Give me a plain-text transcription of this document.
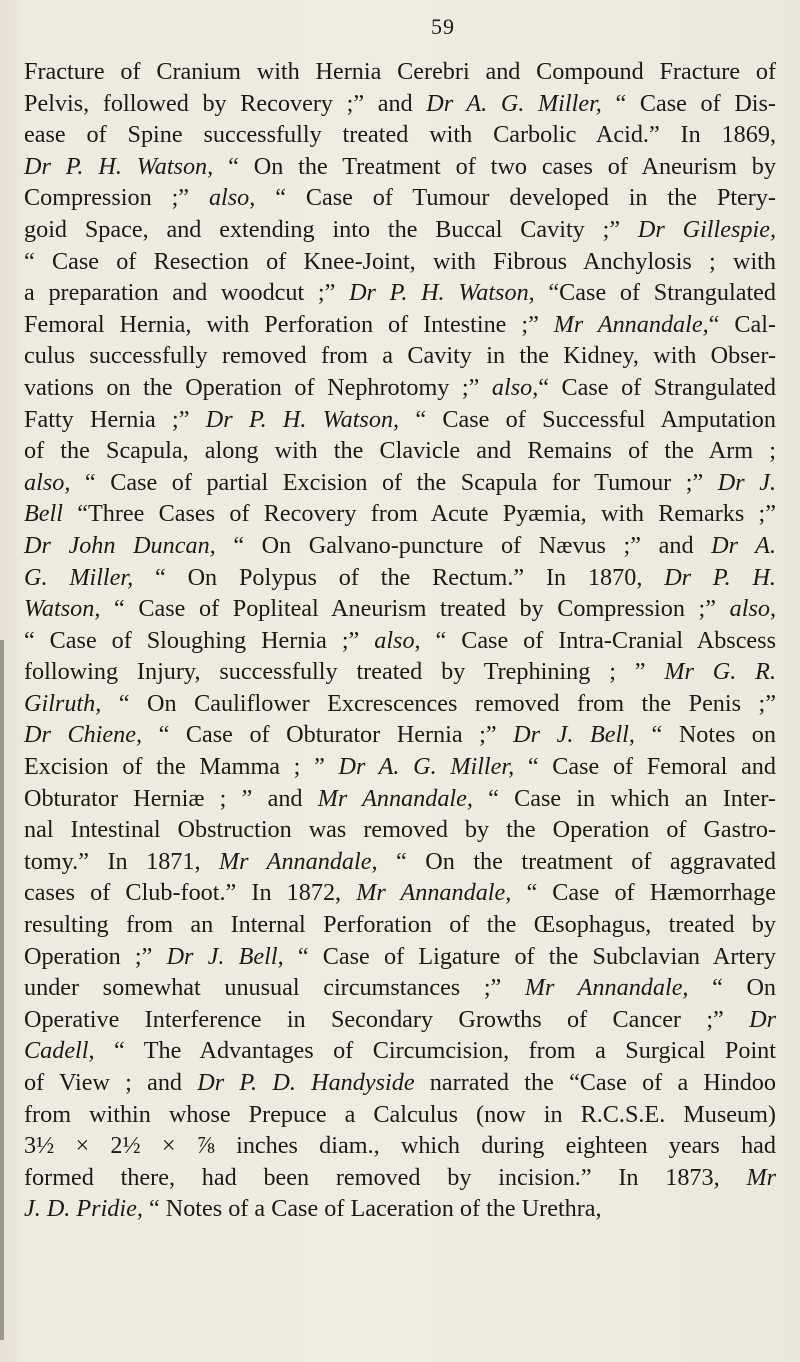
59
Fracture of Cranium with Hernia Cerebri and Compound Fracture of
Pelvis, followed by Recovery ;” and Dr A. G. Miller, “ Case of Dis-
ease of Spine successfully treated with Carbolic Acid.” In 1869,
Dr P. H. Watson, “ On the Treatment of two cases of Aneurism by
Compression ;” also, “ Case of Tumour developed in the Ptery-
goid Space, and extending into the Buccal Cavity ;” Dr Gillespie,
“ Case of Resection of Knee-Joint, with Fibrous Anchylosis ; with
a preparation and woodcut ;” Dr P. H. Watson, “Case of Strangulated
Femoral Hernia, with Perforation of Intestine ;” Mr Annandale,“ Cal-
culus successfully removed from a Cavity in the Kidney, with Obser-
vations on the Operation of Nephrotomy ;” also,“ Case of Strangulated
Fatty Hernia ;” Dr P. H. Watson, “ Case of Successful Amputation
of the Scapula, along with the Clavicle and Remains of the Arm ;
also, “ Case of partial Excision of the Scapula for Tumour ;” Dr J.
Bell “Three Cases of Recovery from Acute Pyæmia, with Remarks ;”
Dr John Duncan, “ On Galvano-puncture of Nævus ;” and Dr A.
G. Miller, “ On Polypus of the Rectum.” In 1870, Dr P. H.
Watson, “ Case of Popliteal Aneurism treated by Compression ;” also,
“ Case of Sloughing Hernia ;” also, “ Case of Intra-Cranial Abscess
following Injury, successfully treated by Trephining ; ” Mr G. R.
Gilruth, “ On Cauliflower Excrescences removed from the Penis ;”
Dr Chiene, “ Case of Obturator Hernia ;” Dr J. Bell, “ Notes on
Excision of the Mamma ; ” Dr A. G. Miller, “ Case of Femoral and
Obturator Herniæ ; ” and Mr Annandale, “ Case in which an Inter-
nal Intestinal Obstruction was removed by the Operation of Gastro-
tomy.” In 1871, Mr Annandale, “ On the treatment of aggravated
cases of Club-foot.” In 1872, Mr Annandale, “ Case of Hæmorrhage
resulting from an Internal Perforation of the Œsophagus, treated by
Operation ;” Dr J. Bell, “ Case of Ligature of the Subclavian Artery
under somewhat unusual circumstances ;” Mr Annandale, “ On
Operative Interference in Secondary Growths of Cancer ;” Dr
Cadell, “ The Advantages of Circumcision, from a Surgical Point
of View ; and Dr P. D. Handyside narrated the “Case of a Hindoo
from within whose Prepuce a Calculus (now in R.C.S.E. Museum)
3½ × 2½ × ⅞ inches diam., which during eighteen years had
formed there, had been removed by incision.” In 1873, Mr
J. D. Pridie, “ Notes of a Case of Laceration of the Urethra,
